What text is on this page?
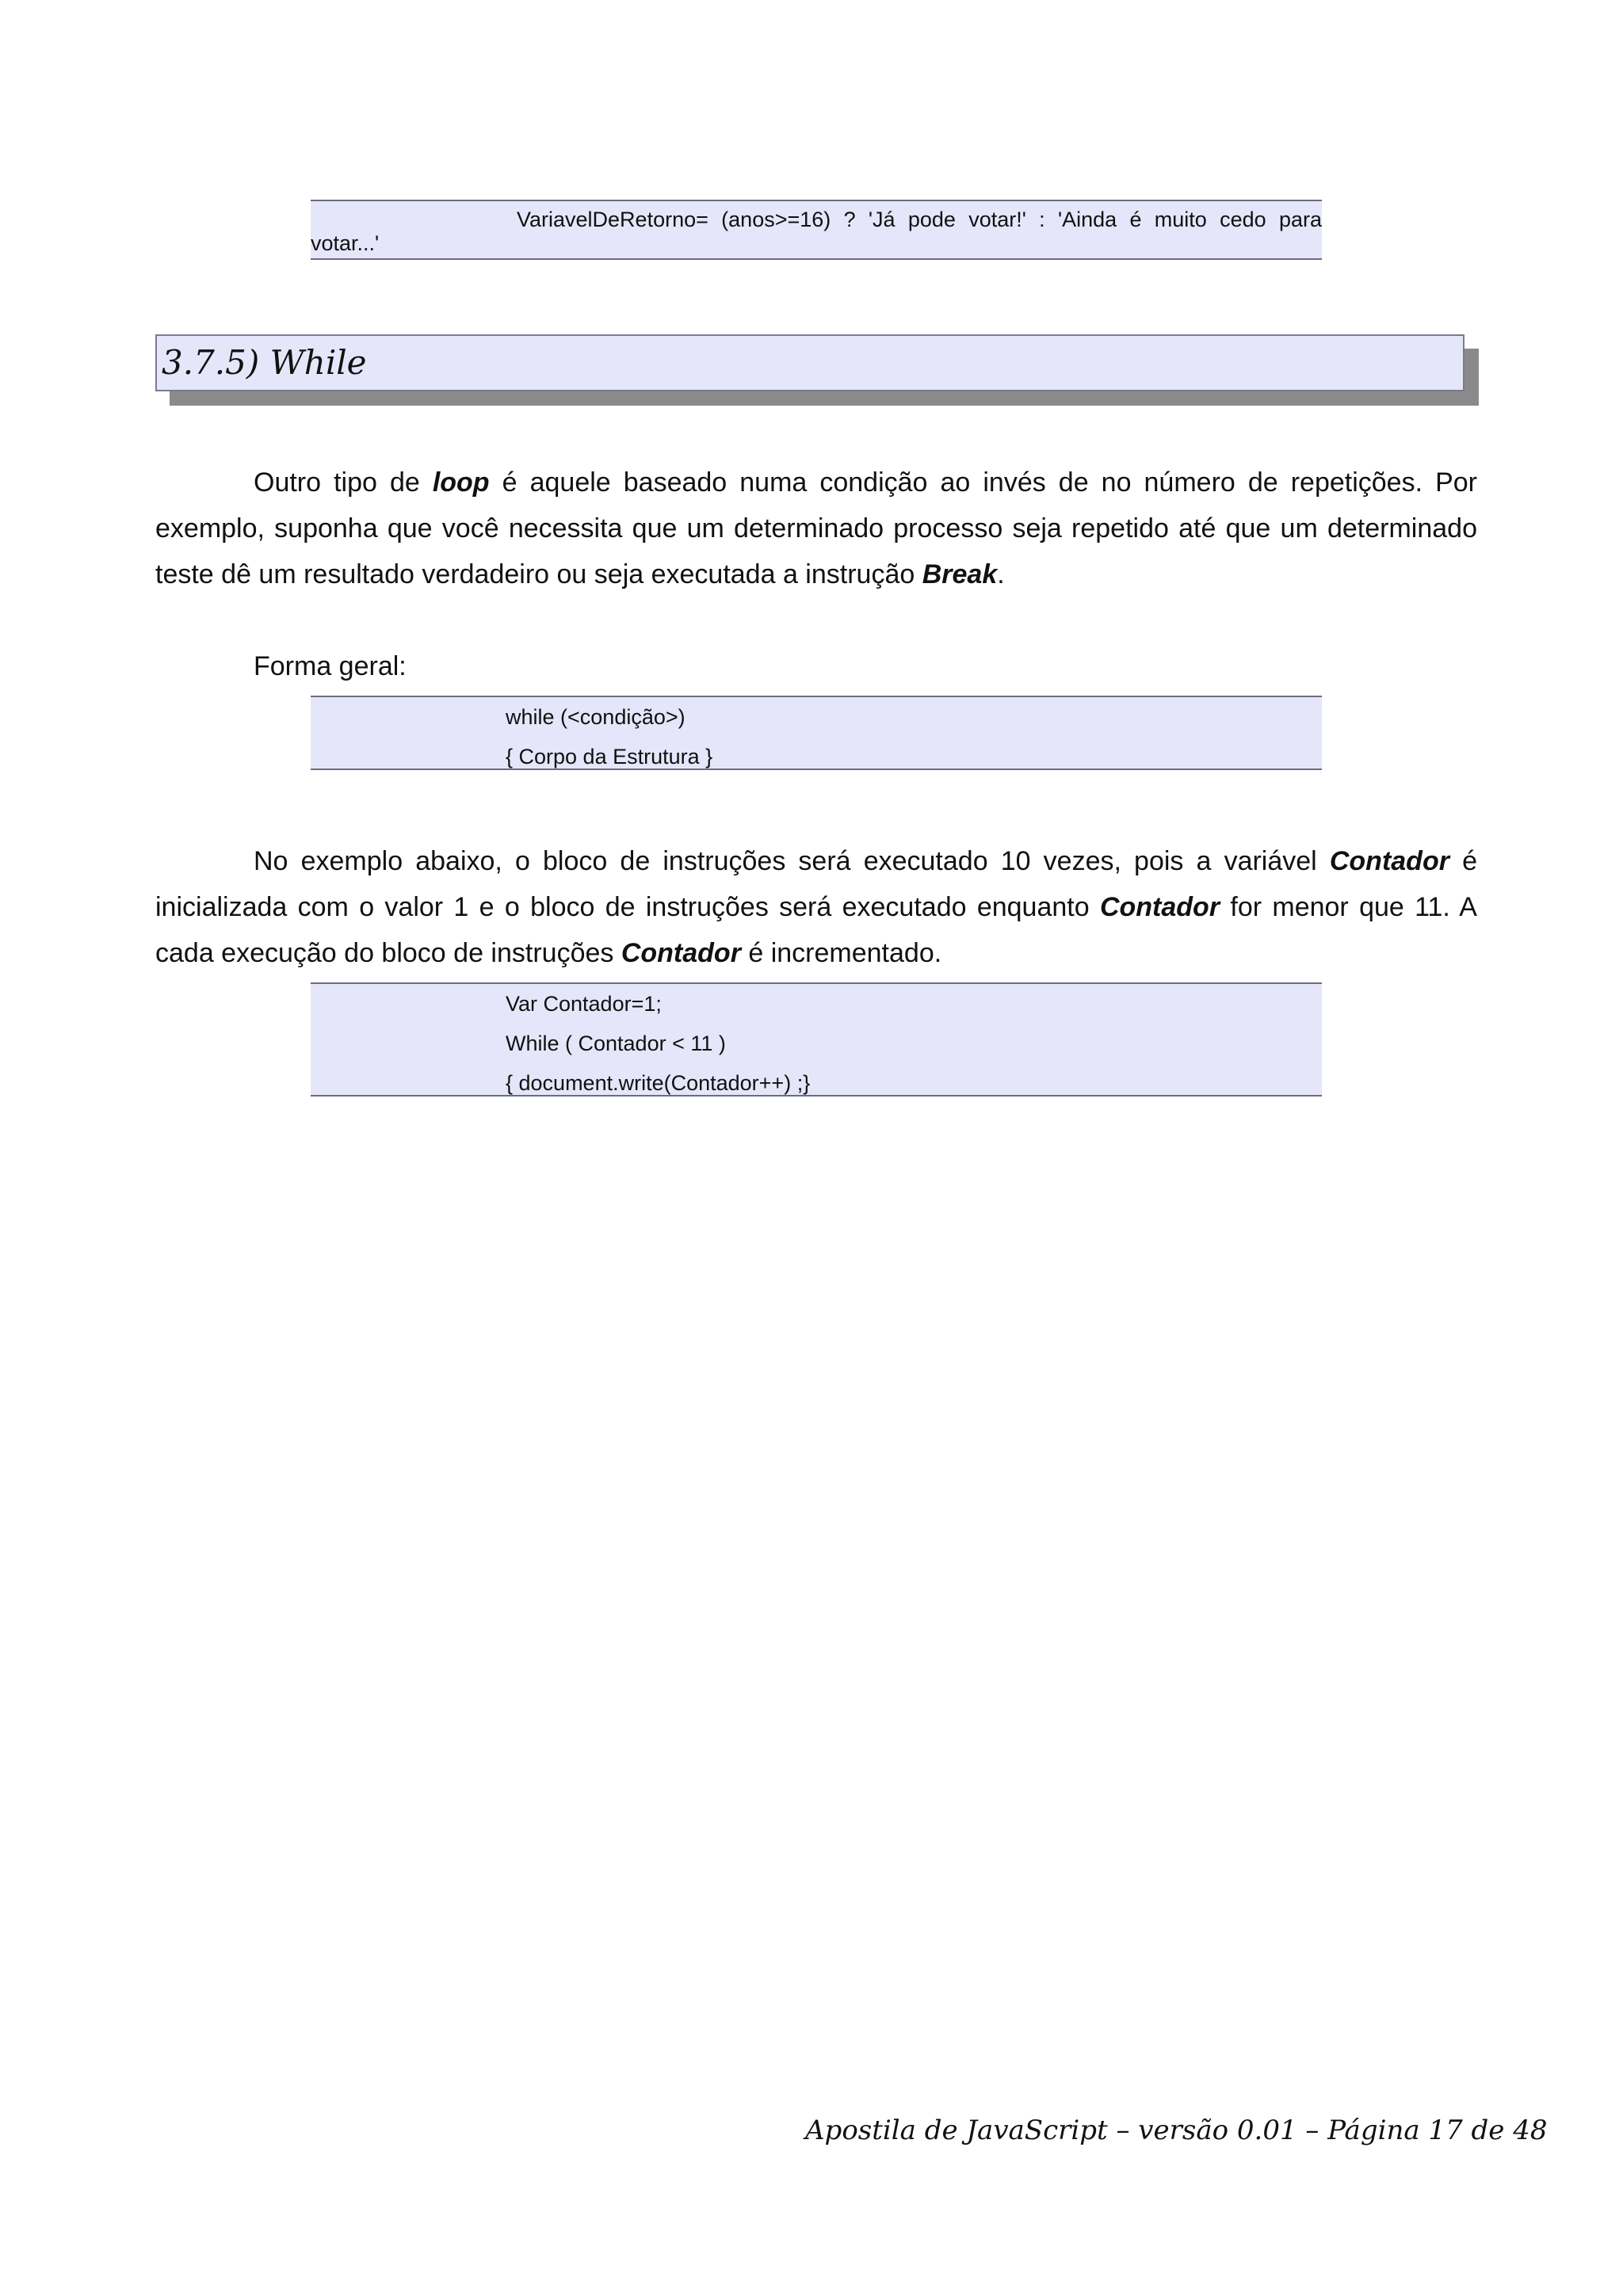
VariavelDeRetorno= (anos>=16) ? 'Já pode votar!' : 'Ainda é muito cedo para
votar...'
3.7.5) While
Outro tipo de loop é aquele baseado numa condição ao invés de no número de repetições. Por exemplo, suponha que você necessita que um determinado processo seja repetido até que um determinado teste dê um resultado verdadeiro ou seja executada a instrução Break.
Forma geral:
while (<condição>)
{ Corpo da Estrutura }
No exemplo abaixo, o bloco de instruções será executado 10 vezes, pois a variável Contador é inicializada com o valor 1 e o bloco de instruções será executado enquanto Contador for menor que 11. A cada execução do bloco de instruções Contador é incrementado.
Var Contador=1;
While ( Contador < 11 )
{ document.write(Contador++) ;}
Apostila de JavaScript – versão 0.01 – Página 17 de 48
